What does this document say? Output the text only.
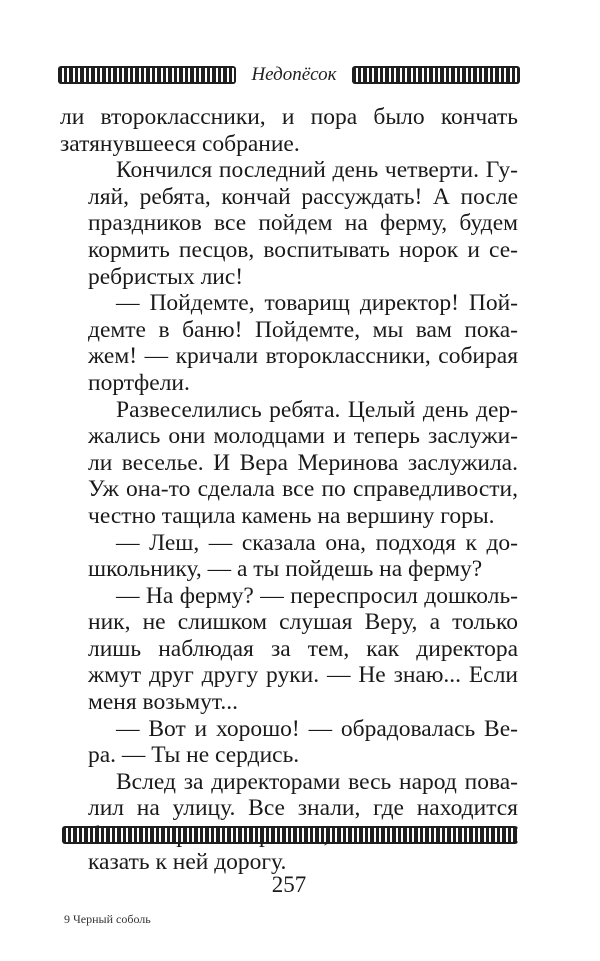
Недопёсок

ли второклассники, и пора было кончать
затянувшееся собрание.

Кончился последний день четверти. Гу-
ляй, ребята, кончай рассуждать! А после
праздников все пойдем на ферму, будем
кормить песцов, воспитывать норок и се-
ребристых лис!

— Пойдемте, товарищ директор! Пой-
демте в баню! Пойдемте, мы вам пока-
жем! — кричали второклассники, собирая
портфели.

Развеселились ребята. Целый день дер-
жались они молодцами и теперь заслужи-
ли веселье. И Вера Меринова заслужила.
Уж она-то сделала все по справедливости,
честно тащила камень на вершину горы.

— Леш, — сказала она, подходя к до-
школьнику, — а ты пойдешь на ферму?

— На ферму? — переспросил дошколь-
ник, не слишком слушая Веру, а только
лишь наблюдая за тем, как директора
жмут друг другу руки. — Не знаю... Если
меня возьмут...

— Вот и хорошо! — обрадовалась Ве-
ра. — Ты не сердись.

Вслед за директорами весь народ пова-
лил на улицу. Все знали, где находится
казать к ней дорогу.

257
9 Черный соболь
